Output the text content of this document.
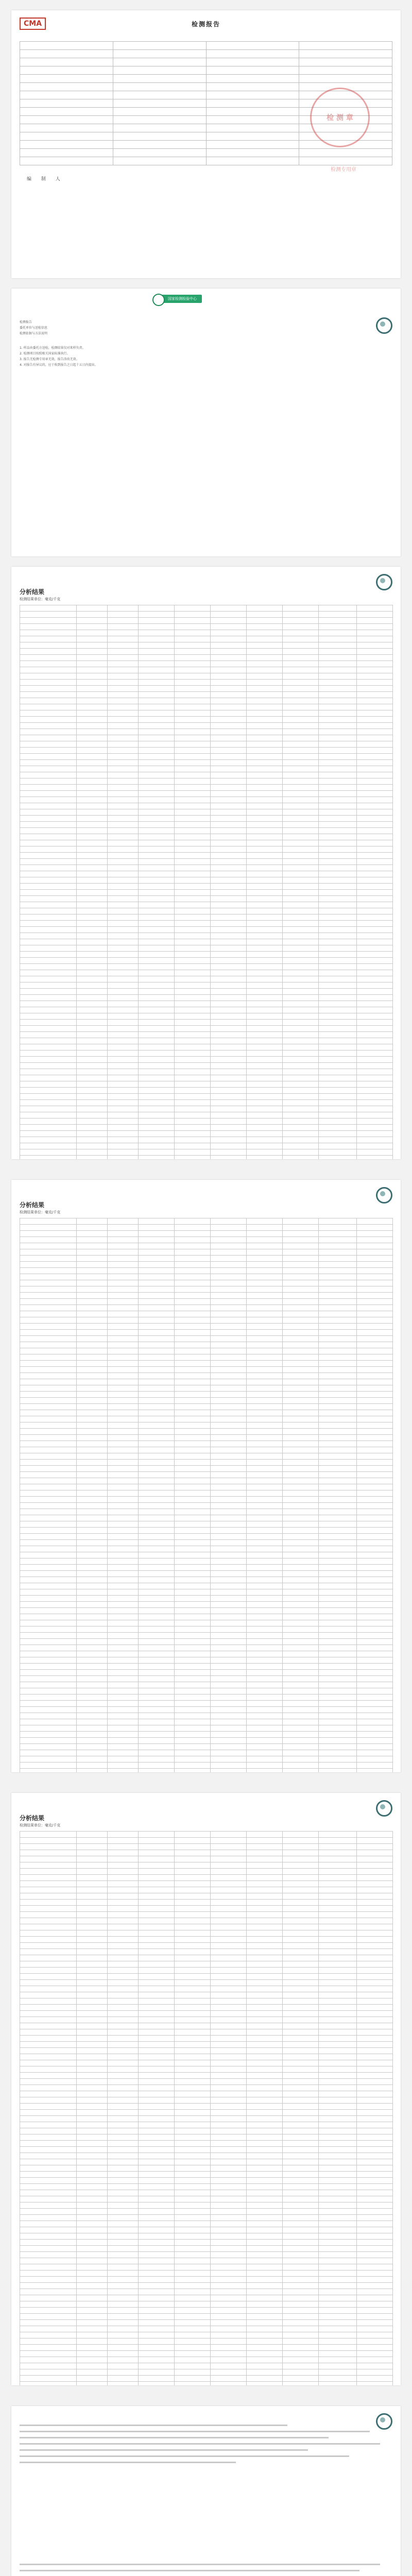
CMA	检测报告

编 制 人
检 测 章
检测专用章
国家检测检验中心
检测报告
委托单位与送检信息
检测依据与方法说明
1. 样品由委托方送检，检测结果仅对来样负责。
2. 检测项目按照相关国家标准执行。
3. 报告无检测专用章无效，报告涂改无效。
4. 对报告有异议的，应于收到报告之日起十五日内提出。
分析结果
检测结果单位：毫克/千克

分析结果
检测结果单位：毫克/千克

分析结果
检测结果单位：毫克/千克
